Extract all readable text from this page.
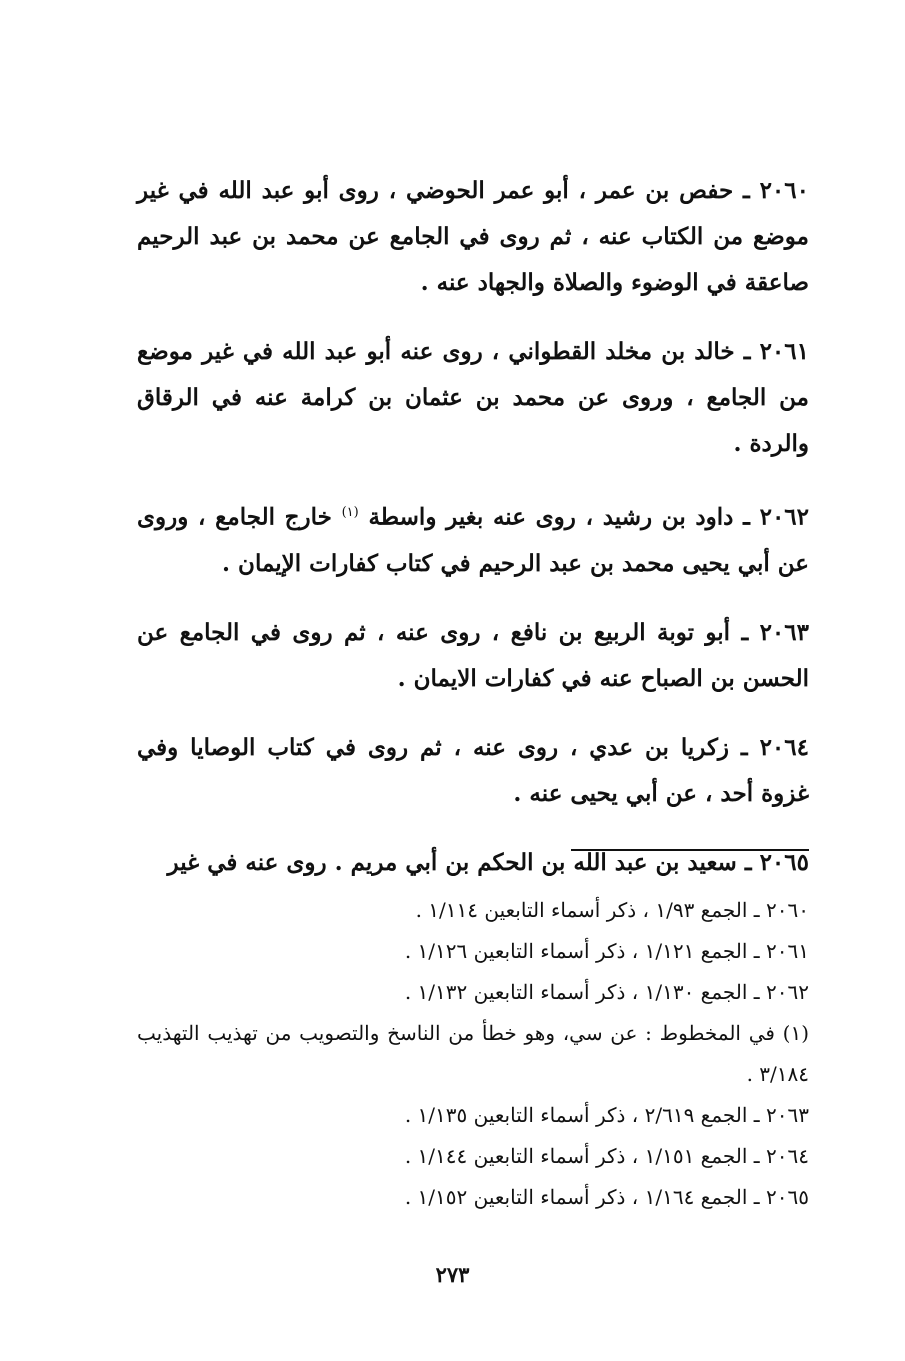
٢٠٦٠ ـ حفص بن عمر ، أبو عمر الحوضي ، روى أبو عبد الله في غير موضع من الكتاب عنه ، ثم روى في الجامع عن محمد بن عبد الرحيم صاعقة في الوضوء والصلاة والجهاد عنه .

٢٠٦١ ـ خالد بن مخلد القطواني ، روى عنه أبو عبد الله في غير موضع من الجامع ، وروى عن محمد بن عثمان بن كرامة عنه في الرقاق والردة .

٢٠٦٢ ـ داود بن رشيد ، روى عنه بغير واسطة $^{(١)}$ خارج الجامع ، وروى عن أبي يحيى محمد بن عبد الرحيم في كتاب كفارات الإيمان .

٢٠٦٣ ـ أبو توبة الربيع بن نافع ، روى عنه ، ثم روى في الجامع عن الحسن بن الصباح عنه في كفارات الايمان .

٢٠٦٤ ـ زكريا بن عدي ، روى عنه ، ثم روى في كتاب الوصايا وفي غزوة أحد ، عن أبي يحيى عنه .

٢٠٦٥ ـ سعيد بن عبد الله بن الحكم بن أبي مريم . روى عنه في غير

٢٠٦٠ ـ الجمع ١/٩٣ ، ذكر أسماء التابعين ١/١١٤ .
٢٠٦١ ـ الجمع ١/١٢١ ، ذكر أسماء التابعين ١/١٢٦ .
٢٠٦٢ ـ الجمع ١/١٣٠ ، ذكر أسماء التابعين ١/١٣٢ .
(١) في المخطوط : عن سي، وهو خطأ من الناسخ والتصويب من تهذيب التهذيب ٣/١٨٤ .
٢٠٦٣ ـ الجمع ٢/٦١٩ ، ذكر أسماء التابعين ١/١٣٥ .
٢٠٦٤ ـ الجمع ١/١٥١ ، ذكر أسماء التابعين ١/١٤٤ .
٢٠٦٥ ـ الجمع ١/١٦٤ ، ذكر أسماء التابعين ١/١٥٢ .
٢٧٣
